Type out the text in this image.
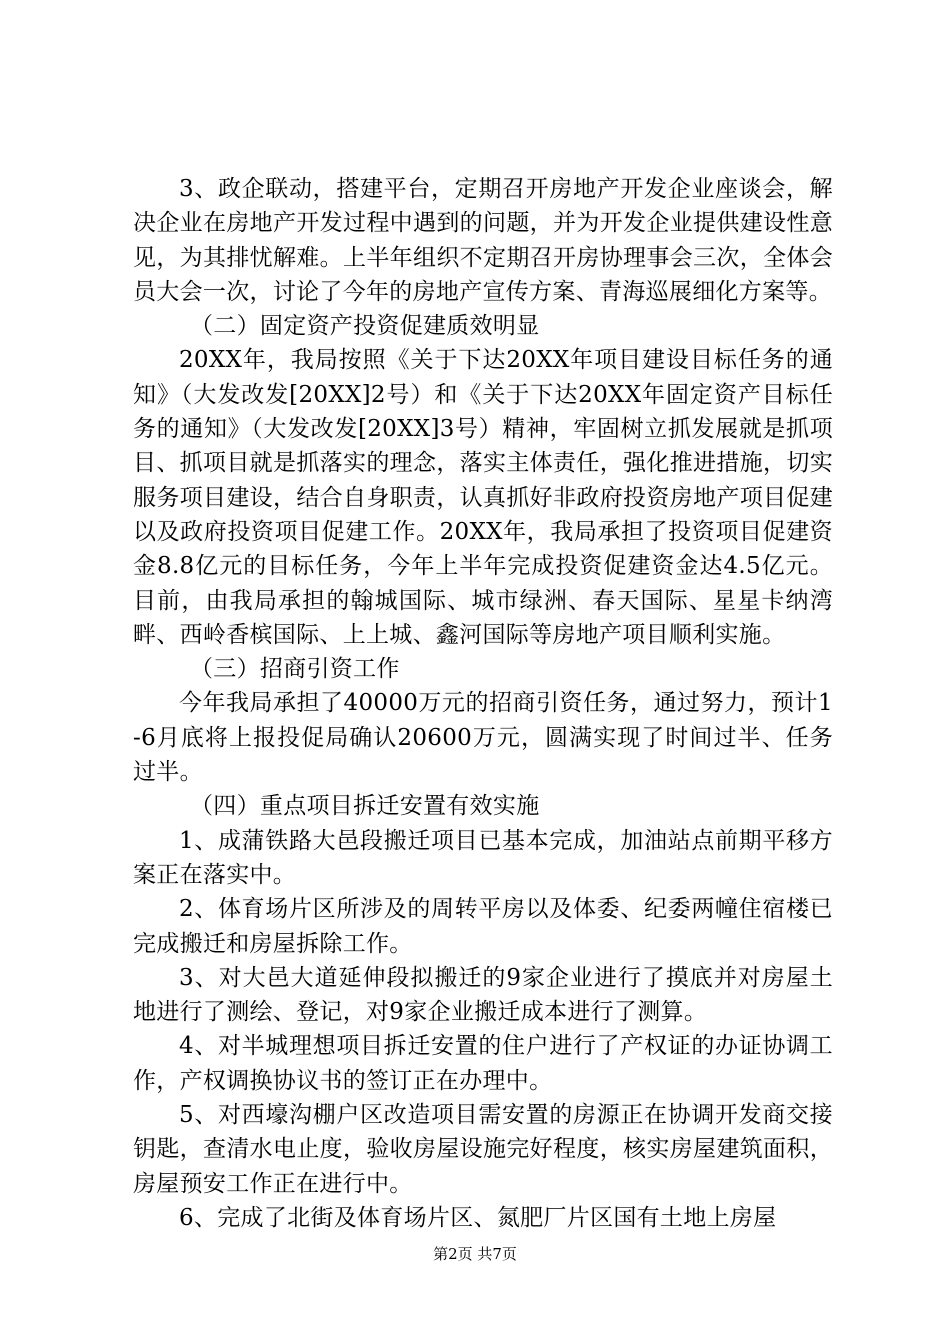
3、政企联动，搭建平台，定期召开房地产开发企业座谈会，解决企业在房地产开发过程中遇到的问题，并为开发企业提供建设性意见，为其排忧解难。上半年组织不定期召开房协理事会三次，全体会员大会一次，讨论了今年的房地产宣传方案、青海巡展细化方案等。

（二）固定资产投资促建质效明显

20XX年，我局按照《关于下达20XX年项目建设目标任务的通知》（大发改发[20XX]2号）和《关于下达20XX年固定资产目标任务的通知》（大发改发[20XX]3号）精神，牢固树立抓发展就是抓项目、抓项目就是抓落实的理念，落实主体责任，强化推进措施，切实服务项目建设，结合自身职责，认真抓好非政府投资房地产项目促建以及政府投资项目促建工作。20XX年，我局承担了投资项目促建资金8.8亿元的目标任务，今年上半年完成投资促建资金达4.5亿元。目前，由我局承担的翰城国际、城市绿洲、春天国际、星星卡纳湾畔、西岭香槟国际、上上城、鑫河国际等房地产项目顺利实施。

（三）招商引资工作

今年我局承担了40000万元的招商引资任务，通过努力，预计1-6月底将上报投促局确认20600万元，圆满实现了时间过半、任务过半。

（四）重点项目拆迁安置有效实施

1、成蒲铁路大邑段搬迁项目已基本完成，加油站点前期平移方案正在落实中。

2、体育场片区所涉及的周转平房以及体委、纪委两幢住宿楼已完成搬迁和房屋拆除工作。

3、对大邑大道延伸段拟搬迁的9家企业进行了摸底并对房屋土地进行了测绘、登记，对9家企业搬迁成本进行了测算。

4、对半城理想项目拆迁安置的住户进行了产权证的办证协调工作，产权调换协议书的签订正在办理中。

5、对西壕沟棚户区改造项目需安置的房源正在协调开发商交接钥匙，查清水电止度，验收房屋设施完好程度，核实房屋建筑面积，房屋预安工作正在进行中。

6、完成了北街及体育场片区、氮肥厂片区国有土地上房屋

第2页 共7页
